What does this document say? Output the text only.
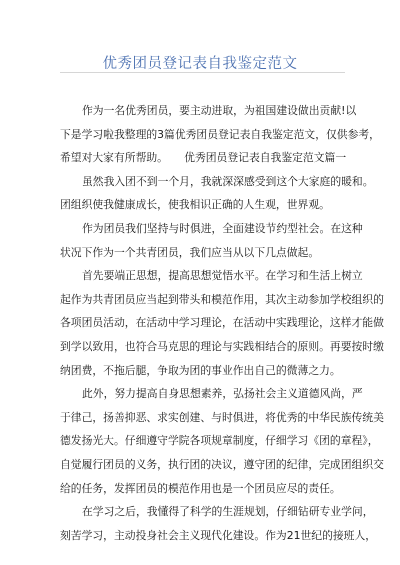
优秀团员登记表自我鉴定范文
作为一名优秀团员，要主动进取，为祖国建设做出贡献!以
下是学习啦我整理的3篇优秀团员登记表自我鉴定范文，仅供参考，
希望对大家有所帮助。　　优秀团员登记表自我鉴定范文篇一
虽然我入团不到一个月，我就深深感受到这个大家庭的暖和。
团组织使我健康成长，使我相识正确的人生观，世界观。
作为团员我们坚持与时俱进，全面建设节约型社会。在这种
状况下作为一个共青团员，我们应当从以下几点做起。
首先要端正思想，提高思想觉悟水平。在学习和生活上树立
起作为共青团员应当起到带头和模范作用，其次主动参加学校组织的
各项团员活动，在活动中学习理论，在活动中实践理论，这样才能做
到学以致用，也符合马克思的理论与实践相结合的原则。再要按时缴
纳团费，不拖后腿，争取为团的事业作出自己的微薄之力。
此外，努力提高自身思想素养，弘扬社会主义道德风尚，严
于律己，扬善抑恶、求实创建、与时俱进，将优秀的中华民族传统美
德发扬光大。仔细遵守学院各项规章制度，仔细学习《团的章程》，
自觉履行团员的义务，执行团的决议，遵守团的纪律，完成团组织交
给的任务，发挥团员的模范作用也是一个团员应尽的责任。
在学习之后，我懂得了科学的生涯规划，仔细钻研专业学问，
刻苦学习，主动投身社会主义现代化建设。作为21世纪的接班人，
